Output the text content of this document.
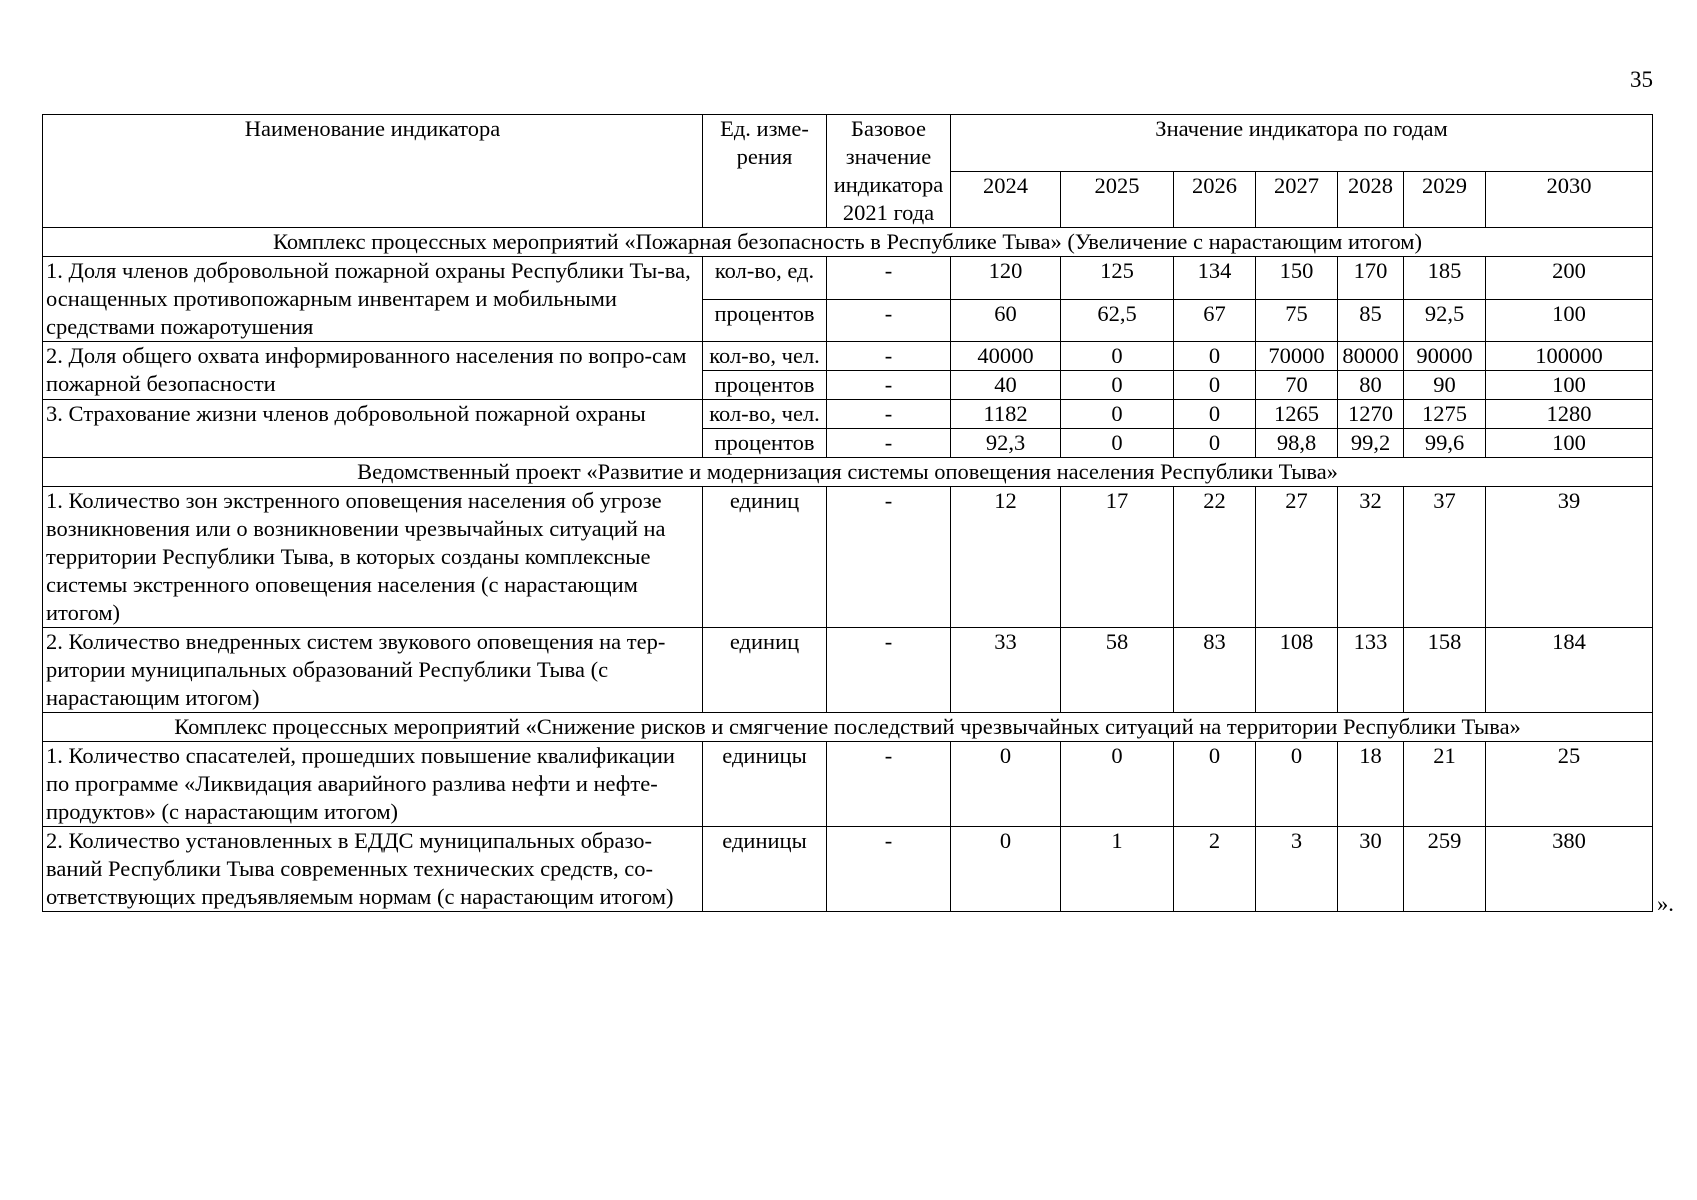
35
Наименование индикатора	Ед. изме-рения	Базовое значение индикатора 2021 года	Значение индикатора по годам						
			2024	2025	2026	2027	2028	2029	2030
Комплекс процессных мероприятий «Пожарная безопасность в Республике Тыва» (Увеличение с нарастающим итогом)									
1. Доля членов добровольной пожарной охраны Республики Ты-ва, оснащенных противопожарным инвентарем и мобильными средствами пожаротушения	кол-во, ед.	-	120	125	134	150	170	185	200
	процентов	-	60	62,5	67	75	85	92,5	100
2. Доля общего охвата информированного населения по вопро-сам пожарной безопасности	кол-во, чел.	-	40000	0	0	70000	80000	90000	100000
	процентов	-	40	0	0	70	80	90	100
3. Страхование жизни членов добровольной пожарной охраны	кол-во, чел.	-	1182	0	0	1265	1270	1275	1280
	процентов	-	92,3	0	0	98,8	99,2	99,6	100
Ведомственный проект «Развитие и модернизация системы оповещения населения Республики Тыва»									
1. Количество зон экстренного оповещения населения об угрозе возникновения или о возникновении чрезвычайных ситуаций на территории Республики Тыва, в которых созданы комплексные системы экстренного оповещения населения (с нарастающим итогом)	единиц	-	12	17	22	27	32	37	39
2. Количество внедренных систем звукового оповещения на тер-ритории муниципальных образований Республики Тыва (с нарастающим итогом)	единиц	-	33	58	83	108	133	158	184
Комплекс процессных мероприятий «Снижение рисков и смягчение последствий чрезвычайных ситуаций на территории Республики Тыва»									
1. Количество спасателей, прошедших повышение квалификации по программе «Ликвидация аварийного разлива нефти и нефте-продуктов» (с нарастающим итогом)	единицы	-	0	0	0	0	18	21	25
2. Количество установленных в ЕДДС муниципальных образо-ваний Республики Тыва современных технических средств, со-ответствующих предъявляемым нормам (с нарастающим итогом)	единицы	-	0	1	2	3	30	259	380
».
